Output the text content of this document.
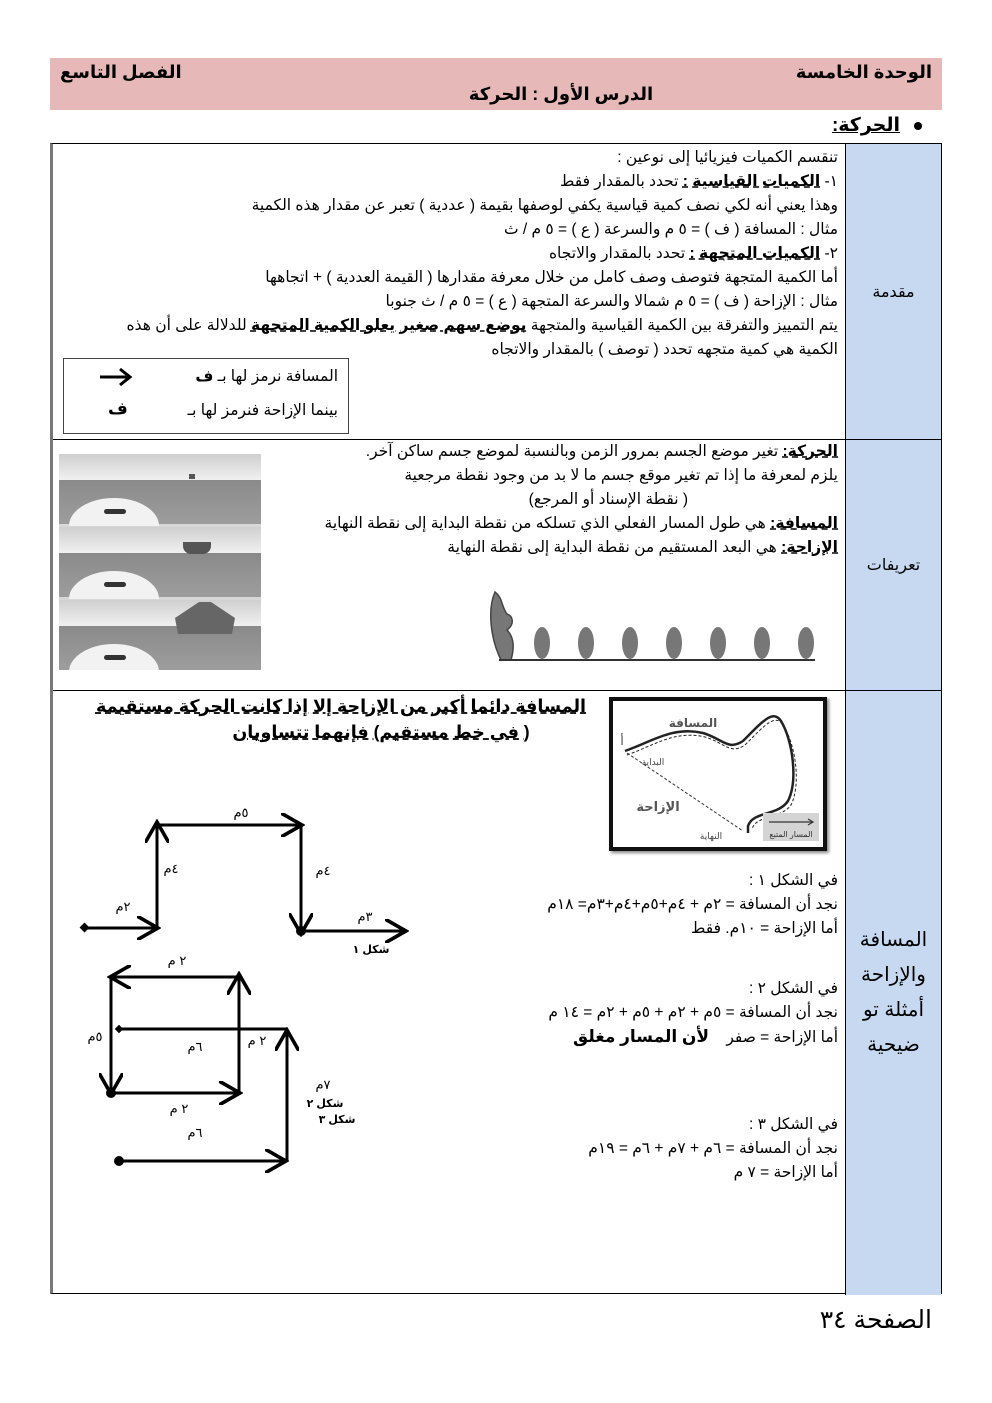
الوحدة الخامسة
الفصل التاسع
الدرس الأول : الحركة
الحركة:
مقدمة
تنقسم الكميات فيزيائيا إلى نوعين :
١- الكميات القياسية : تحدد بالمقدار فقط
وهذا يعني أنه لكي نصف كمية قياسية يكفي لوصفها بقيمة ( عددية ) تعبر عن مقدار هذه الكمية
مثال : المسافة ( ف ) = ٥ م والسرعة ( ع ) = ٥ م / ث
٢- الكميات المتجهة : تحدد بالمقدار والاتجاه
أما الكمية المتجهة فتوصف وصف كامل من خلال معرفة مقدارها ( القيمة العددية ) + اتجاهها
مثال : الإزاحة ( ف ) = ٥ م شمالا والسرعة المتجهة ( ع ) = ٥ م / ث جنوبا
يتم التمييز والتفرقة بين الكمية القياسية والمتجهة بوضع سهم صغير يعلو الكمية المتجهة للدلالة على أن هذه
الكمية هي كمية متجهه تحدد ( توصف ) بالمقدار والاتجاه
المسافة نرمز لها بـ ف
بينما الإزاحة فنرمز لها بـ
ف
تعريفات
الحركة: تغير موضع الجسم بمرور الزمن وبالنسبة لموضع جسم ساكن آخر.
يلزم لمعرفة ما إذا تم تغير موقع جسم ما لا بد من وجود نقطة مرجعية
( نقطة الإسناد أو المرجع)
المسافة: هي طول المسار الفعلي الذي تسلكه من نقطة البداية إلى نقطة النهاية
الإزاحة: هي البعد المستقيم من نقطة البداية إلى نقطة النهاية
المسافة والإزاحة أمثلة توضيحية
المسافة دائما أكبر من الإزاحة إلا إذا كانت الحركة مستقيمة
( في خط مستقيم) فإنهما تتساويان	المسافة
البداية
أ
الإزاحة
النهاية	المسار المتبع
في الشكل ١ :
نجد أن المسافة = ٢م + ٤م+٥م+٤م+٣م= ١٨م
أما الإزاحة = ١٠م. فقط
في الشكل ٢ :
نجد أن المسافة = ٥م + ٢م + ٥م + ٢م = ١٤ م
أما الإزاحة = صفر    لأن المسار مغلق
في الشكل ٣ :
نجد أن المسافة = ٦م + ٧م + ٦م = ١٩م
أما الإزاحة = ٧ م
٢م
٤م
٥م
٤م
٣م
شكل ١
٢ م
٢ م
٢ م
٥م
شكل ٢
٦م
٧م
٦م
شكل ٣
الصفحة ٣٤
